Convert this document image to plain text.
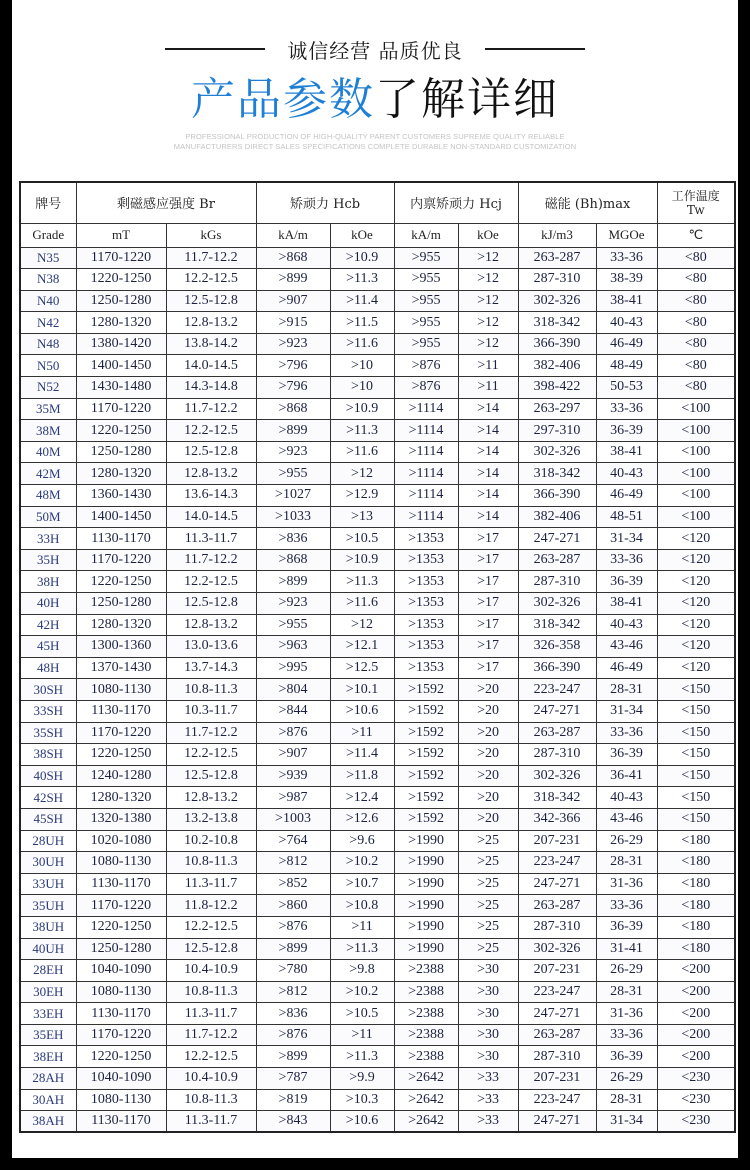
诚信经营 品质优良
产品参数了解详细
PROFESSIONAL PRODUCTION OF HIGH-QUALITY PARENT CUSTOMERS SUPREME QUALITY RELIABLE
MANUFACTURERS DIRECT SALES SPECIFICATIONS COMPLETE DURABLE NON-STANDARD CUSTOMIZATION
牌号	剩磁感应强度 Br		矫顽力 Hcb		内禀矫顽力 Hcj		磁能 (Bh)max		工作温度
Tw

Grade	mT	kGs	kA/m	kOe	kA/m	kOe	kJ/m3	MGOe	℃
N35	1170-1220	11.7-12.2	>868	>10.9	>955	>12	263-287	33-36	<80
N38	1220-1250	12.2-12.5	>899	>11.3	>955	>12	287-310	38-39	<80
N40	1250-1280	12.5-12.8	>907	>11.4	>955	>12	302-326	38-41	<80
N42	1280-1320	12.8-13.2	>915	>11.5	>955	>12	318-342	40-43	<80
N48	1380-1420	13.8-14.2	>923	>11.6	>955	>12	366-390	46-49	<80
N50	1400-1450	14.0-14.5	>796	>10	>876	>11	382-406	48-49	<80
N52	1430-1480	14.3-14.8	>796	>10	>876	>11	398-422	50-53	<80
35M	1170-1220	11.7-12.2	>868	>10.9	>1114	>14	263-297	33-36	<100
38M	1220-1250	12.2-12.5	>899	>11.3	>1114	>14	297-310	36-39	<100
40M	1250-1280	12.5-12.8	>923	>11.6	>1114	>14	302-326	38-41	<100
42M	1280-1320	12.8-13.2	>955	>12	>1114	>14	318-342	40-43	<100
48M	1360-1430	13.6-14.3	>1027	>12.9	>1114	>14	366-390	46-49	<100
50M	1400-1450	14.0-14.5	>1033	>13	>1114	>14	382-406	48-51	<100
33H	1130-1170	11.3-11.7	>836	>10.5	>1353	>17	247-271	31-34	<120
35H	1170-1220	11.7-12.2	>868	>10.9	>1353	>17	263-287	33-36	<120
38H	1220-1250	12.2-12.5	>899	>11.3	>1353	>17	287-310	36-39	<120
40H	1250-1280	12.5-12.8	>923	>11.6	>1353	>17	302-326	38-41	<120
42H	1280-1320	12.8-13.2	>955	>12	>1353	>17	318-342	40-43	<120
45H	1300-1360	13.0-13.6	>963	>12.1	>1353	>17	326-358	43-46	<120
48H	1370-1430	13.7-14.3	>995	>12.5	>1353	>17	366-390	46-49	<120
30SH	1080-1130	10.8-11.3	>804	>10.1	>1592	>20	223-247	28-31	<150
33SH	1130-1170	10.3-11.7	>844	>10.6	>1592	>20	247-271	31-34	<150
35SH	1170-1220	11.7-12.2	>876	>11	>1592	>20	263-287	33-36	<150
38SH	1220-1250	12.2-12.5	>907	>11.4	>1592	>20	287-310	36-39	<150
40SH	1240-1280	12.5-12.8	>939	>11.8	>1592	>20	302-326	36-41	<150
42SH	1280-1320	12.8-13.2	>987	>12.4	>1592	>20	318-342	40-43	<150
45SH	1320-1380	13.2-13.8	>1003	>12.6	>1592	>20	342-366	43-46	<150
28UH	1020-1080	10.2-10.8	>764	>9.6	>1990	>25	207-231	26-29	<180
30UH	1080-1130	10.8-11.3	>812	>10.2	>1990	>25	223-247	28-31	<180
33UH	1130-1170	11.3-11.7	>852	>10.7	>1990	>25	247-271	31-36	<180
35UH	1170-1220	11.8-12.2	>860	>10.8	>1990	>25	263-287	33-36	<180
38UH	1220-1250	12.2-12.5	>876	>11	>1990	>25	287-310	36-39	<180
40UH	1250-1280	12.5-12.8	>899	>11.3	>1990	>25	302-326	31-41	<180
28EH	1040-1090	10.4-10.9	>780	>9.8	>2388	>30	207-231	26-29	<200
30EH	1080-1130	10.8-11.3	>812	>10.2	>2388	>30	223-247	28-31	<200
33EH	1130-1170	11.3-11.7	>836	>10.5	>2388	>30	247-271	31-36	<200
35EH	1170-1220	11.7-12.2	>876	>11	>2388	>30	263-287	33-36	<200
38EH	1220-1250	12.2-12.5	>899	>11.3	>2388	>30	287-310	36-39	<200
28AH	1040-1090	10.4-10.9	>787	>9.9	>2642	>33	207-231	26-29	<230
30AH	1080-1130	10.8-11.3	>819	>10.3	>2642	>33	223-247	28-31	<230
38AH	1130-1170	11.3-11.7	>843	>10.6	>2642	>33	247-271	31-34	<230
